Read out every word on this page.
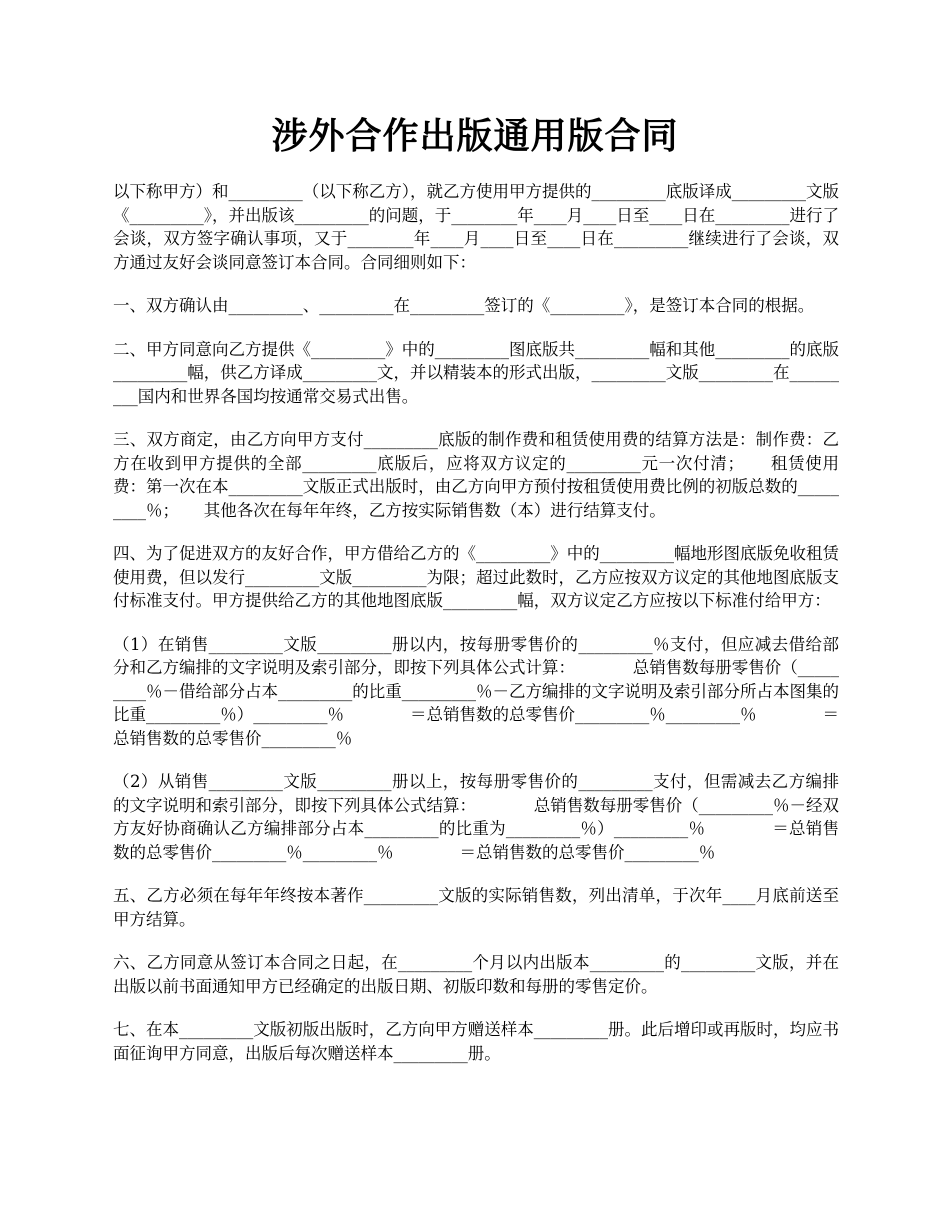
涉外合作出版通用版合同

以下称甲方）和_________（以下称乙方），就乙方使用甲方提供的_________底版译成_________文版《_________》，并出版该_________的问题，于________年____月____日至____日在_________进行了会谈，双方签字确认事项，又于________年____月____日至____日在_________继续进行了会谈，双方通过友好会谈同意签订本合同。合同细则如下：

一、双方确认由_________、_________在_________签订的《_________》，是签订本合同的根据。

二、甲方同意向乙方提供《_________》中的_________图底版共_________幅和其他_________的底版_________幅，供乙方译成_________文，并以精装本的形式出版，_________文版_________在_________国内和世界各国均按通常交易式出售。

三、双方商定，由乙方向甲方支付_________底版的制作费和租赁使用费的结算方法是：制作费：乙方在收到甲方提供的全部_________底版后，应将双方议定的_________元一次付清；　　租赁使用费：第一次在本_________文版正式出版时，由乙方向甲方预付按租赁使用费比例的初版总数的_________％；　　其他各次在每年年终，乙方按实际销售数（本）进行结算支付。

四、为了促进双方的友好合作，甲方借给乙方的《_________》中的_________幅地形图底版免收租赁使用费，但以发行_________文版_________为限；超过此数时，乙方应按双方议定的其他地图底版支付标准支付。甲方提供给乙方的其他地图底版_________幅，双方议定乙方应按以下标准付给甲方：

（1）在销售_________文版_________册以内，按每册零售价的_________％支付，但应减去借给部分和乙方编排的文字说明及索引部分，即按下列具体公式计算：　　　　总销售数每册零售价（_________％－借给部分占本_________的比重_________％－乙方编排的文字说明及索引部分所占本图集的比重_________％）_________％　　　　＝总销售数的总零售价_________％_________％　　　　＝总销售数的总零售价_________％

（2）从销售_________文版_________册以上，按每册零售价的_________支付，但需减去乙方编排的文字说明和索引部分，即按下列具体公式结算：　　　　总销售数每册零售价（_________％－经双方友好协商确认乙方编排部分占本_________的比重为_________％）_________％　　　　＝总销售数的总零售价_________％_________％　　　　＝总销售数的总零售价_________％

五、乙方必须在每年年终按本著作_________文版的实际销售数，列出清单，于次年____月底前送至甲方结算。

六、乙方同意从签订本合同之日起，在_________个月以内出版本_________的_________文版，并在出版以前书面通知甲方已经确定的出版日期、初版印数和每册的零售定价。

七、在本_________文版初版出版时，乙方向甲方赠送样本_________册。此后增印或再版时，均应书面征询甲方同意，出版后每次赠送样本_________册。
